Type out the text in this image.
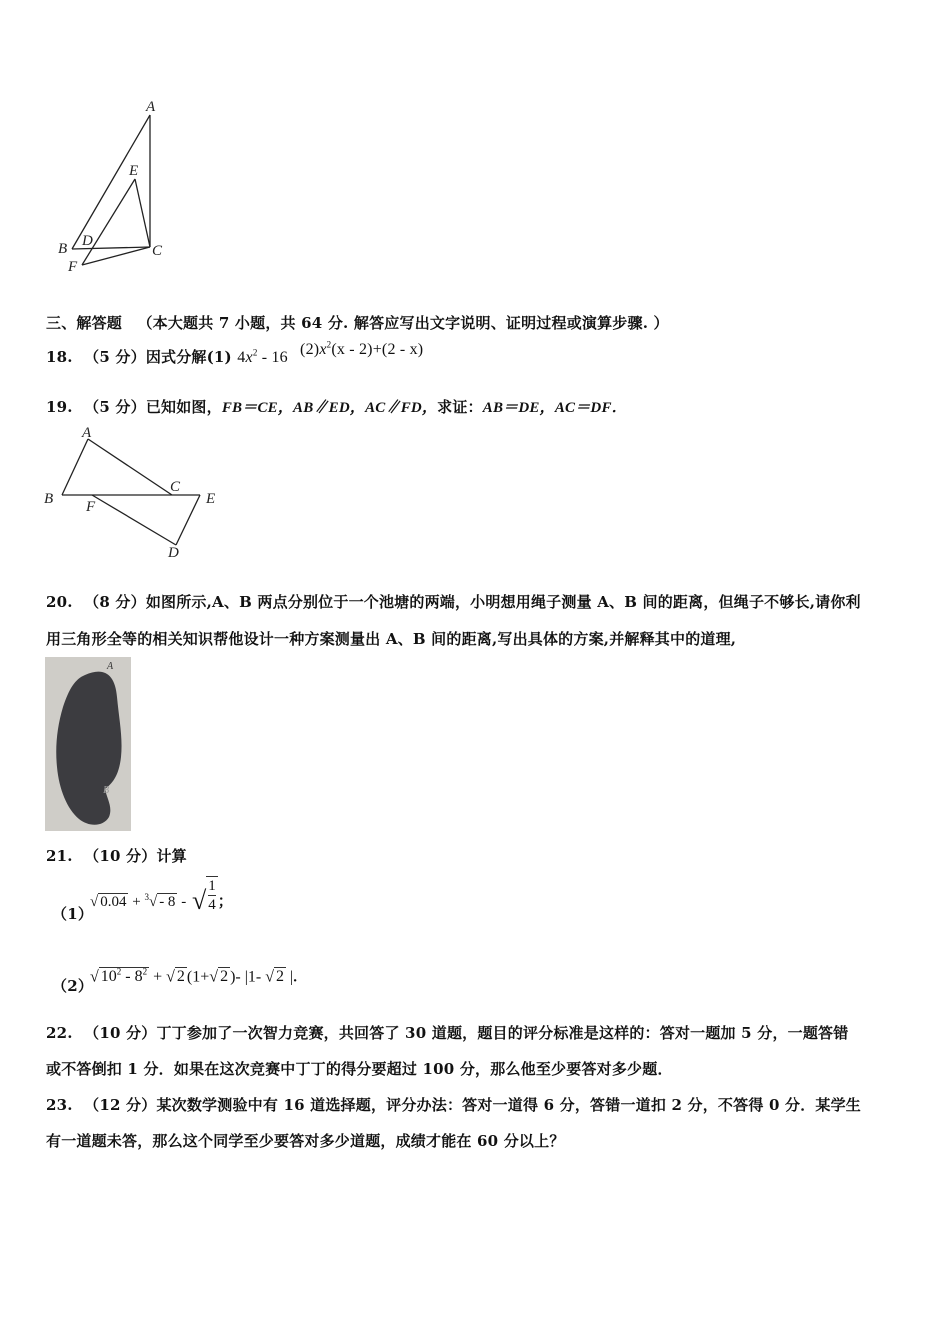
A
E
B D
F
C
三、解答题 （本大题共 7 小题，共 64 分. 解答应写出文字说明、证明过程或演算步骤. ）
18. （5 分）因式分解(1) $4x^2 - 16$ $(2)x^2(x - 2)+(2 - x)$
19. （5 分）已知如图，FB＝CE，AB∥ED，AC∥FD，求证：AB＝DE，AC＝DF．
A
C
B	E
F
D
20. （8 分）如图所示,A、B 两点分别位于一个池塘的两端，小明想用绳子测量 A、B 间的距离，但绳子不够长,请你利
用三角形全等的相关知识帮他设计一种方案测量出 A、B 间的距离,写出具体的方案,并解释其中的道理,
A
B
21. （10 分）计算
（1）
√ 0.04 + $^3$√ - 8 - √ $\frac{1}{4}$ ；
（2）
√ $10^2 - 8^2$ + √ 2 (1+√ 2 )- |1- √ 2 |.
22. （10 分）丁丁参加了一次智力竞赛，共回答了 30 道题，题目的评分标准是这样的：答对一题加 5 分，一题答错
或不答倒扣 1 分．如果在这次竞赛中丁丁的得分要超过 100 分，那么他至少要答对多少题．
23. （12 分）某次数学测验中有 16 道选择题，评分办法：答对一道得 6 分，答错一道扣 2 分，不答得 0 分．某学生
有一道题未答，那么这个同学至少要答对多少道题，成绩才能在 60 分以上？
